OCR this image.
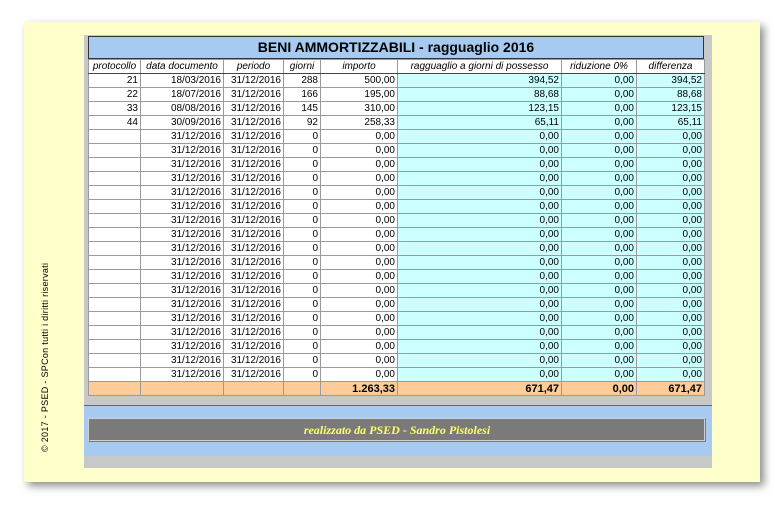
© 2017 - PSED - SPCon tutti i diritti riservati
BENI AMMORTIZZABILI - ragguaglio 2016
protocollo	data documento	periodo	giorni	importo	ragguaglio a giorni di possesso	riduzione 0%	differenza
21	18/03/2016	31/12/2016	288	500,00	394,52	0,00	394,52
22	18/07/2016	31/12/2016	166	195,00	88,68	0,00	88,68
33	08/08/2016	31/12/2016	145	310,00	123,15	0,00	123,15
44	30/09/2016	31/12/2016	92	258,33	65,11	0,00	65,11
	31/12/2016	31/12/2016	0	0,00	0,00	0,00	0,00
	31/12/2016	31/12/2016	0	0,00	0,00	0,00	0,00
	31/12/2016	31/12/2016	0	0,00	0,00	0,00	0,00
	31/12/2016	31/12/2016	0	0,00	0,00	0,00	0,00
	31/12/2016	31/12/2016	0	0,00	0,00	0,00	0,00
	31/12/2016	31/12/2016	0	0,00	0,00	0,00	0,00
	31/12/2016	31/12/2016	0	0,00	0,00	0,00	0,00
	31/12/2016	31/12/2016	0	0,00	0,00	0,00	0,00
	31/12/2016	31/12/2016	0	0,00	0,00	0,00	0,00
	31/12/2016	31/12/2016	0	0,00	0,00	0,00	0,00
	31/12/2016	31/12/2016	0	0,00	0,00	0,00	0,00
	31/12/2016	31/12/2016	0	0,00	0,00	0,00	0,00
	31/12/2016	31/12/2016	0	0,00	0,00	0,00	0,00
	31/12/2016	31/12/2016	0	0,00	0,00	0,00	0,00
	31/12/2016	31/12/2016	0	0,00	0,00	0,00	0,00
	31/12/2016	31/12/2016	0	0,00	0,00	0,00	0,00
	31/12/2016	31/12/2016	0	0,00	0,00	0,00	0,00
	31/12/2016	31/12/2016	0	0,00	0,00	0,00	0,00
				1.263,33	671,47	0,00	671,47
realizzato da PSED - Sandro Pistolesi
